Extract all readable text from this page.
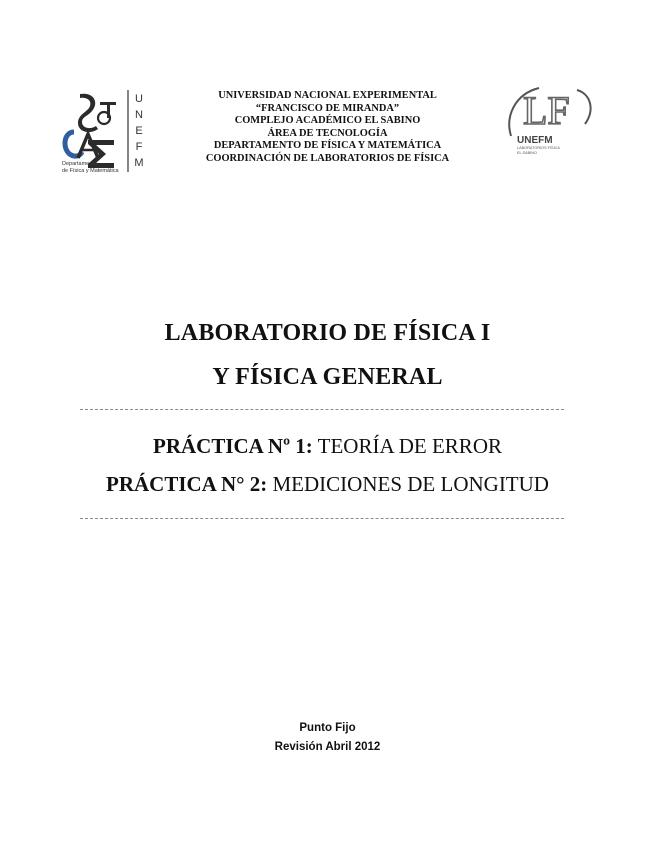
U
N
E
F
M
Departamento
de Física y Matemática
UNIVERSIDAD NACIONAL EXPERIMENTAL
“FRANCISCO DE MIRANDA”
COMPLEJO ACADÉMICO EL SABINO
ÁREA DE TECNOLOGÍA
DEPARTAMENTO DE FÍSICA Y MATEMÁTICA
COORDINACIÓN DE LABORATORIOS DE FÍSICA
LF
UNEFM
LABORATORIOS FÍSICA
EL SABINO
LABORATORIO DE FÍSICA I
Y FÍSICA GENERAL
PRÁCTICA Nº 1: TEORÍA DE ERROR
PRÁCTICA N° 2: MEDICIONES DE LONGITUD
Punto Fijo
Revisión Abril 2012
